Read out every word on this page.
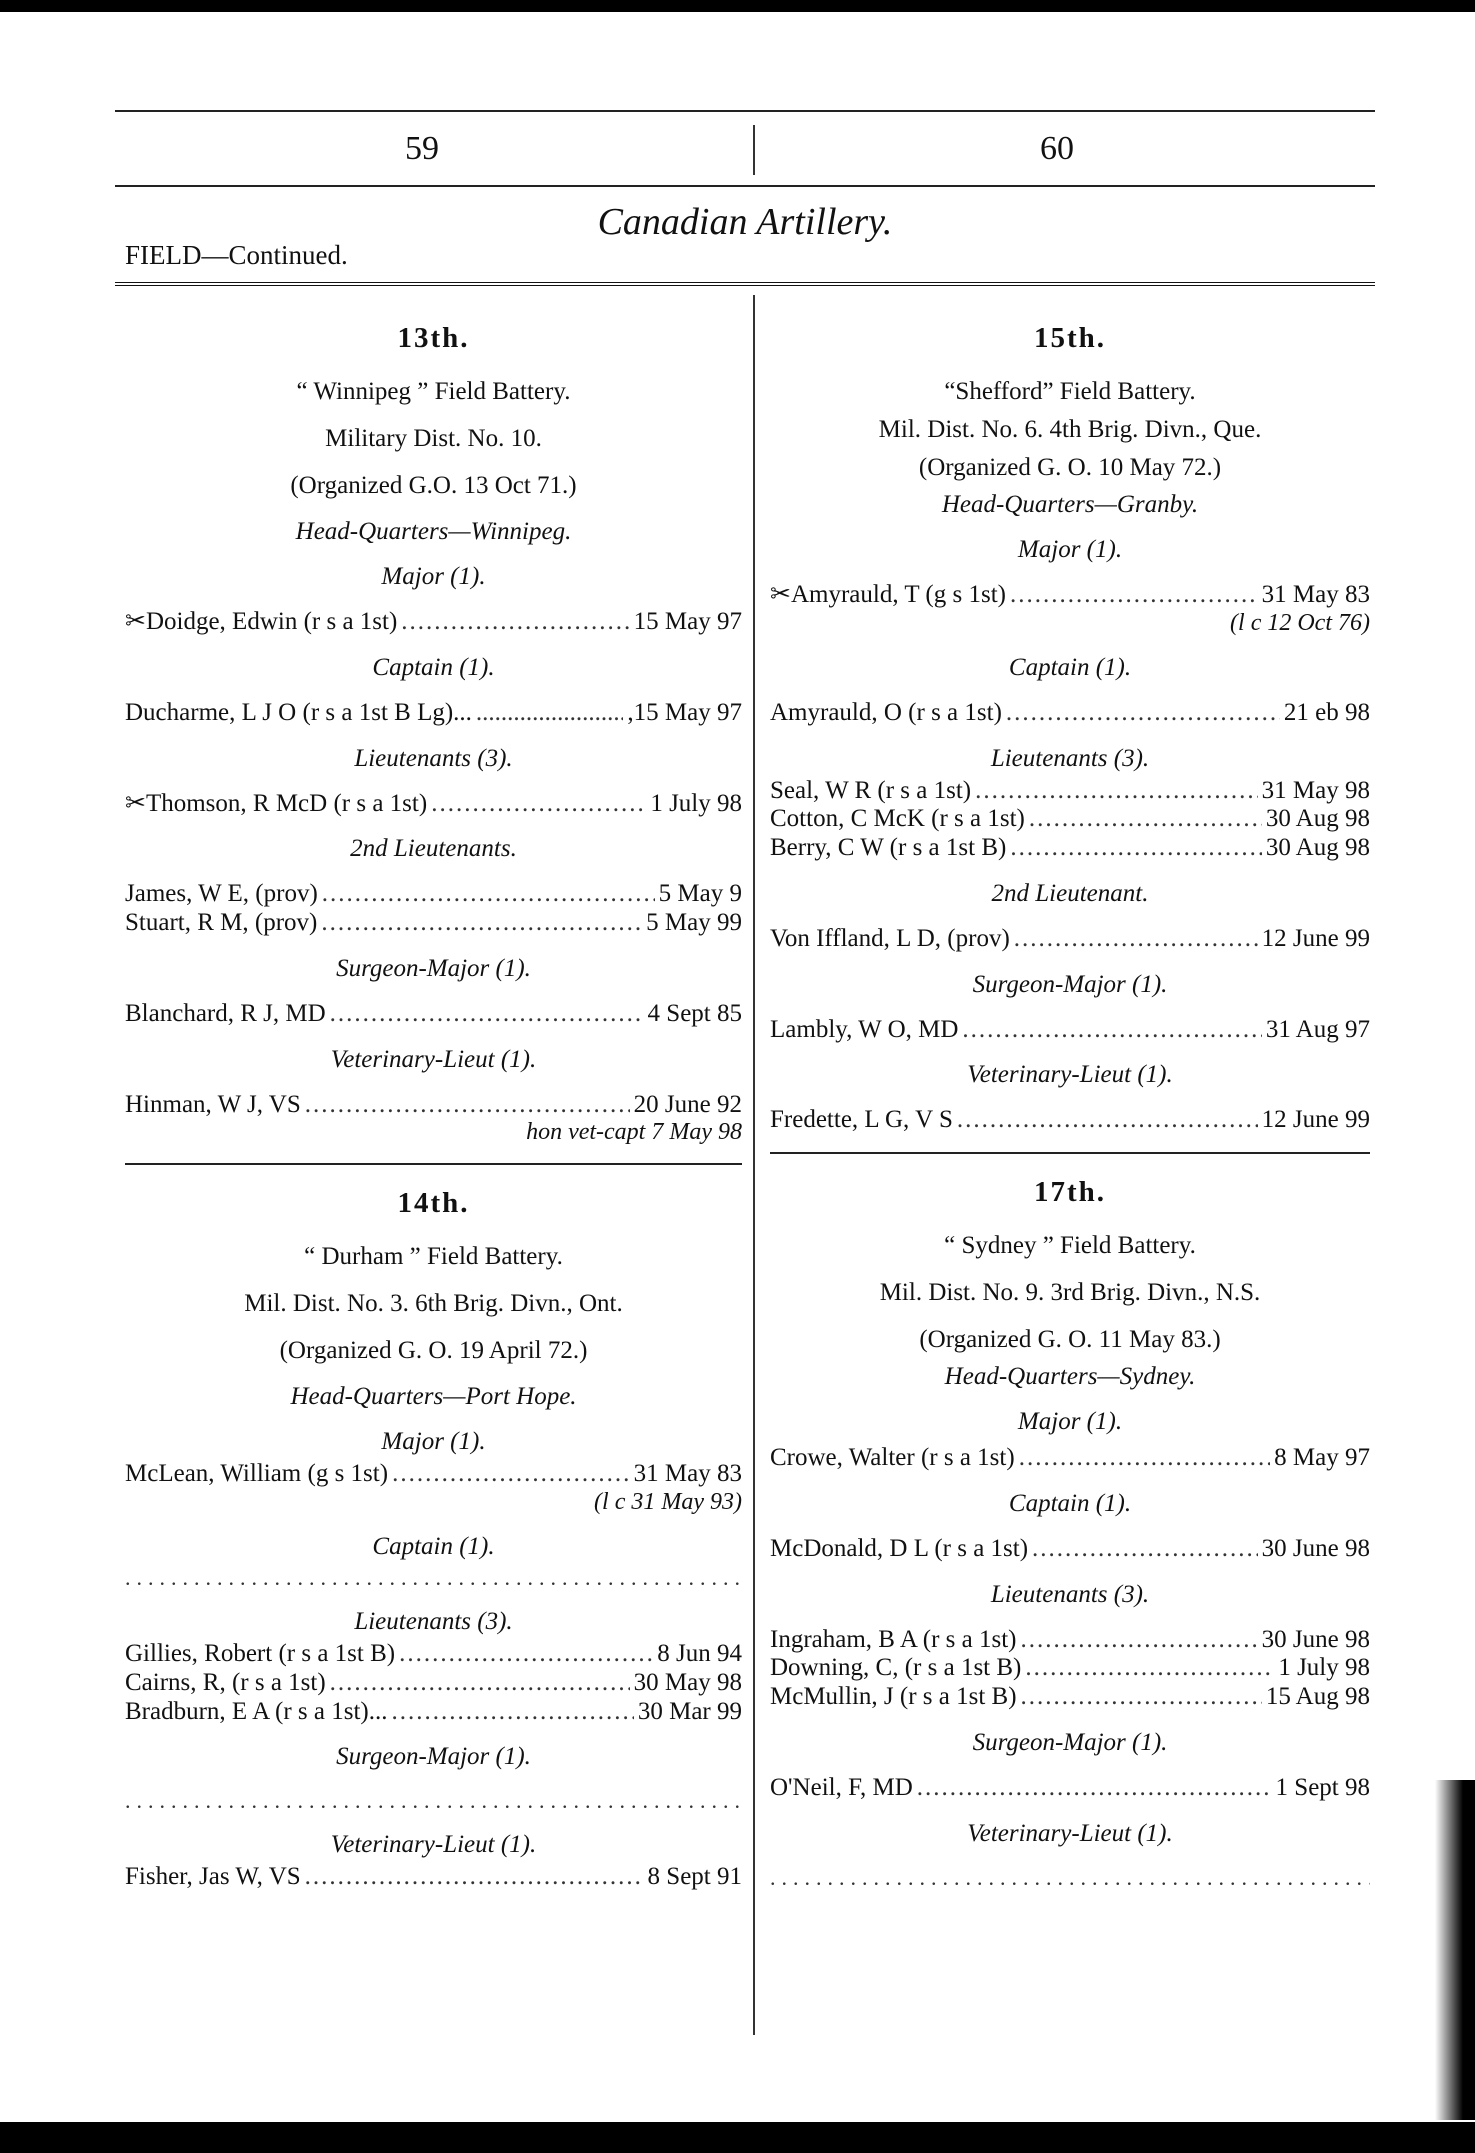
59	60
Canadian Artillery.
FIELD—Continued.
13th.
“ Winnipeg ” Field Battery.
Military Dist. No. 10.
(Organized G.O. 13 Oct 71.)
Head-Quarters—Winnipeg.
Major (1).
✂Doidge, Edwin (r s a 1st) .....	15 May 97
Captain (1).
Ducharme, L J O (r s a 1st B Lg)... .....	,15 May 97
Lieutenants (3).
✂Thomson, R McD (r s a 1st) .....	1 July 98
2nd Lieutenants.
James, W E, (prov) .....	5 May 9
Stuart, R M, (prov) .....	5 May 99
Surgeon-Major (1).
Blanchard, R J, MD .....	4 Sept 85
Veterinary-Lieut (1).
Hinman, W J, VS .....	20 June 92
hon vet-capt 7 May 98
14th.
“ Durham ” Field Battery.
Mil. Dist. No. 3. 6th Brig. Divn., Ont.
(Organized G. O. 19 April 72.)
Head-Quarters—Port Hope.
Major (1).
McLean, William (g s 1st) .....	31 May 83
(l c 31 May 93)
Captain (1).
.....
Lieutenants (3).
Gillies, Robert (r s a 1st B) .....	8 Jun 94
Cairns, R, (r s a 1st) .....	30 May 98
Bradburn, E A (r s a 1st)... .....	30 Mar 99
Surgeon-Major (1).
.....
Veterinary-Lieut (1).
Fisher, Jas W, VS .....	8 Sept 91
15th.
“Shefford” Field Battery.
Mil. Dist. No. 6. 4th Brig. Divn., Que.
(Organized G. O. 10 May 72.)
Head-Quarters—Granby.
Major (1).
✂Amyrauld, T (g s 1st) .....	31 May 83
(l c 12 Oct 76)
Captain (1).
Amyrauld, O (r s a 1st) .....	21 eb 98
Lieutenants (3).
Seal, W R (r s a 1st) .....	31 May 98
Cotton, C McK (r s a 1st) .....	30 Aug 98
Berry, C W (r s a 1st B) .....	30 Aug 98
2nd Lieutenant.
Von Iffland, L D, (prov) .....	12 June 99
Surgeon-Major (1).
Lambly, W O, MD .....	31 Aug 97
Veterinary-Lieut (1).
Fredette, L G, V S .....	12 June 99
17th.
“ Sydney ” Field Battery.
Mil. Dist. No. 9. 3rd Brig. Divn., N.S.
(Organized G. O. 11 May 83.)
Head-Quarters—Sydney.
Major (1).
Crowe, Walter (r s a 1st) .....	8 May 97
Captain (1).
McDonald, D L (r s a 1st) .....	30 June 98
Lieutenants (3).
Ingraham, B A (r s a 1st) .....	30 June 98
Downing, C, (r s a 1st B) .....	1 July 98
McMullin, J (r s a 1st B) .....	15 Aug 98
Surgeon-Major (1).
O'Neil, F, MD .....	1 Sept 98
Veterinary-Lieut (1).
.....
